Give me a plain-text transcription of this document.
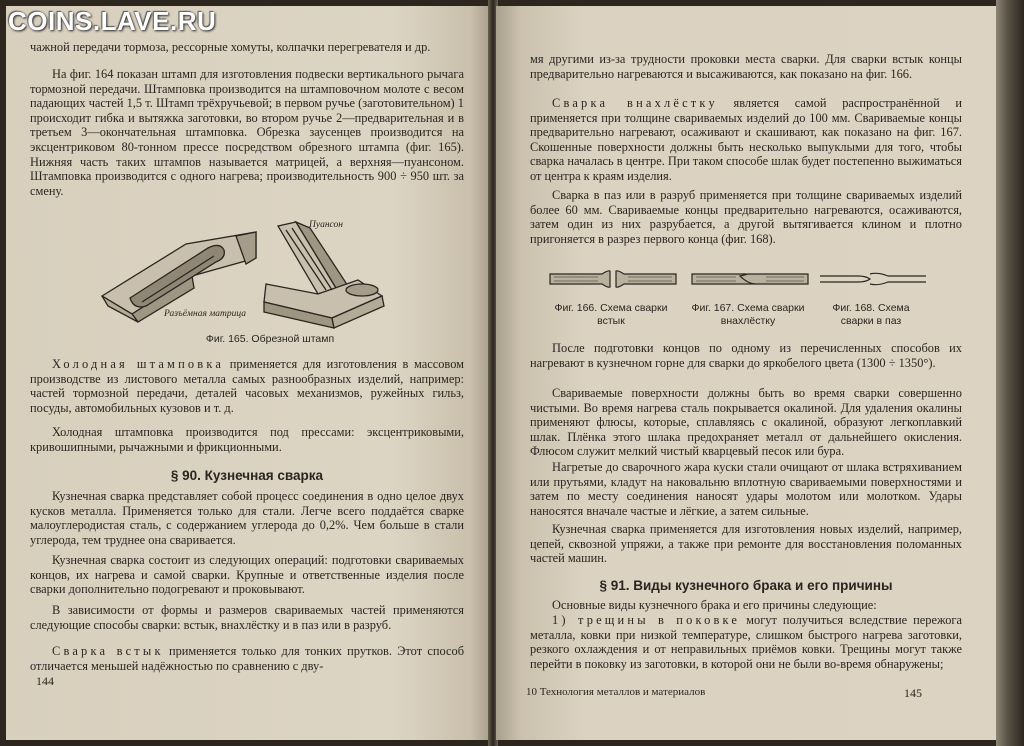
чажной передачи тормоза, рессорные хомуты, колпачки перегревателя и др.
На фиг. 164 показан штамп для изготовления подвески вертикального рычага тормозной передачи. Штамповка производится на штамповочном молоте с весом падающих частей 1,5 т. Штамп трёхручьевой; в первом ручье (заготовительном) 1 происходит гибка и вытяжка заготовки, во втором ручье 2—предварительная и в третьем 3—окончательная штамповка. Обрезка заусенцев производится на эксцентриковом 80-тонном прессе посредством обрезного штампа (фиг. 165). Нижняя часть таких штампов называется матрицей, а верхняя—пуансоном. Штамповка производится с одного нагрева; производительность 900 ÷ 950 шт. за смену.
Пуансон
Разъёмная матрица
Фиг. 165. Обрезной штамп
Холодная штамповка применяется для изготовления в массовом производстве из листового металла самых разнообразных изделий, например: частей тормозной передачи, деталей часовых механизмов, ружейных гильз, посуды, автомобильных кузовов и т. д.
Холодная штамповка производится под прессами: эксцентриковыми, кривошипными, рычажными и фрикционными.
§ 90. Кузнечная сварка
Кузнечная сварка представляет собой процесс соединения в одно целое двух кусков металла. Применяется только для стали. Легче всего поддаётся сварке малоуглеродистая сталь, с содержанием углерода до 0,2%. Чем больше в стали углерода, тем труднее она сваривается.
Кузнечная сварка состоит из следующих операций: подготовки свариваемых концов, их нагрева и самой сварки. Крупные и ответственные изделия после сварки дополнительно подогревают и проковывают.
В зависимости от формы и размеров свариваемых частей применяются следующие способы сварки: встык, внахлёстку и в паз или в разруб.
Сварка встык применяется только для тонких прутков. Этот способ отличается меньшей надёжностью по сравнению с дву-
144
мя другими из-за трудности проковки места сварки. Для сварки встык концы предварительно нагреваются и высаживаются, как показано на фиг. 166.
Сварка внахлёстку является самой распространённой и применяется при толщине свариваемых изделий до 100 мм. Свариваемые концы предварительно нагревают, осаживают и скашивают, как показано на фиг. 167. Скошенные поверхности должны быть несколько выпуклыми для того, чтобы сварка началась в центре. При таком способе шлак будет постепенно выжиматься от центра к краям изделия.
Сварка в паз или в разруб применяется при толщине свариваемых изделий более 60 мм. Свариваемые концы предварительно нагреваются, осаживаются, затем один из них разрубается, а другой вытягивается клином и плотно пригоняется в разрез первого конца (фиг. 168).
Фиг. 166. Схема сварки встык
Фиг. 167. Схема сварки внахлёстку
Фиг. 168. Схема сварки в паз
После подготовки концов по одному из перечисленных способов их нагревают в кузнечном горне для сварки до яркобелого цвета (1300 ÷ 1350°).
Свариваемые поверхности должны быть во время сварки совершенно чистыми. Во время нагрева сталь покрывается окалиной. Для удаления окалины применяют флюсы, которые, сплавляясь с окалиной, образуют легкоплавкий шлак. Плёнка этого шлака предохраняет металл от дальнейшего окисления. Флюсом служит мелкий чистый кварцевый песок или бура.
Нагретые до сварочного жара куски стали очищают от шлака встряхиванием или прутьями, кладут на наковальню вплотную свариваемыми поверхностями и затем по месту соединения наносят удары молотом или молотком. Удары наносятся вначале частые и лёгкие, а затем сильные.
Кузнечная сварка применяется для изготовления новых изделий, например, цепей, сквозной упряжи, а также при ремонте для восстановления поломанных частей машин.
§ 91. Виды кузнечного брака и его причины
Основные виды кузнечного брака и его причины следующие:
1) трещины в поковке могут получиться вследствие пережога металла, ковки при низкой температуре, слишком быстрого нагрева заготовки, резкого охлаждения и от неправильных приёмов ковки. Трещины могут также перейти в поковку из заготовки, в которой они не были во-время обнаружены;
10 Технология металлов и материалов	145
COINS.LAVE.RU
